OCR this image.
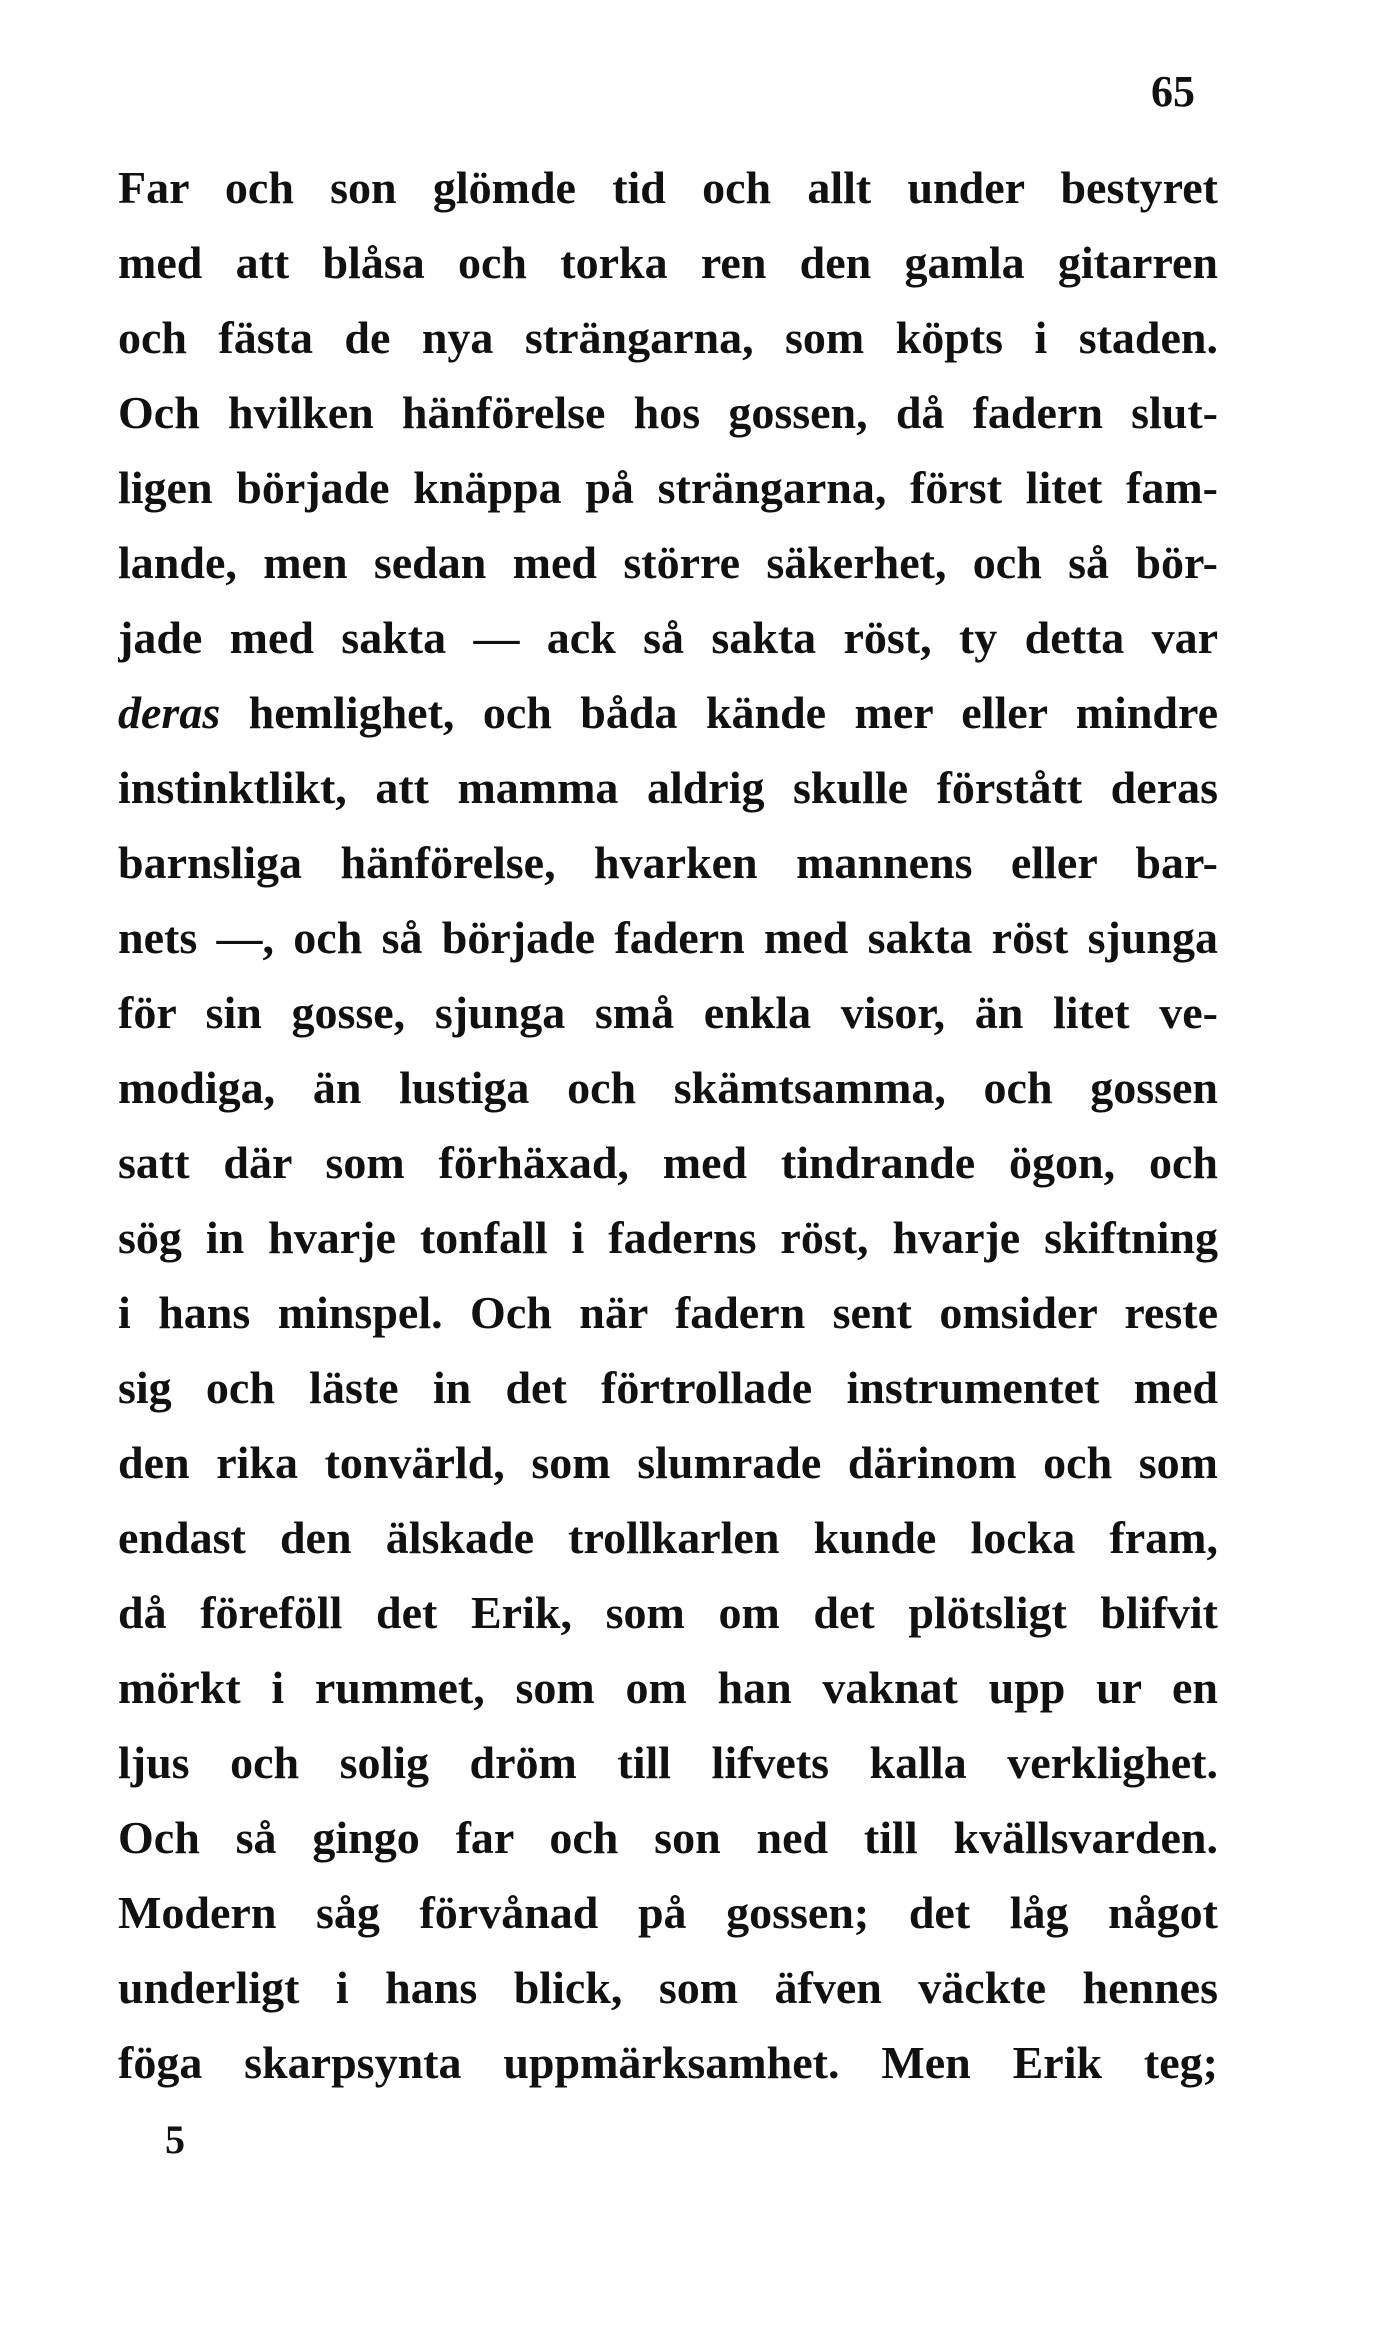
65
Far och son glömde tid och allt under bestyret
med att blåsa och torka ren den gamla gitarren
och fästa de nya strängarna, som köpts i staden.
Och hvilken hänförelse hos gossen, då fadern slut-
ligen började knäppa på strängarna, först litet fam-
lande, men sedan med större säkerhet, och så bör-
jade med sakta — ack så sakta röst, ty detta var
deras hemlighet, och båda kände mer eller mindre
instinktlikt, att mamma aldrig skulle förstått deras
barnsliga hänförelse, hvarken mannens eller bar-
nets —, och så började fadern med sakta röst sjunga
för sin gosse, sjunga små enkla visor, än litet ve-
modiga, än lustiga och skämtsamma, och gossen
satt där som förhäxad, med tindrande ögon, och
sög in hvarje tonfall i faderns röst, hvarje skiftning
i hans minspel. Och när fadern sent omsider reste
sig och läste in det förtrollade instrumentet med
den rika tonvärld, som slumrade därinom och som
endast den älskade trollkarlen kunde locka fram,
då föreföll det Erik, som om det plötsligt blifvit
mörkt i rummet, som om han vaknat upp ur en
ljus och solig dröm till lifvets kalla verklighet.
Och så gingo far och son ned till kvällsvarden.
Modern såg förvånad på gossen; det låg något
underligt i hans blick, som äfven väckte hennes
föga skarpsynta uppmärksamhet. Men Erik teg;
5
